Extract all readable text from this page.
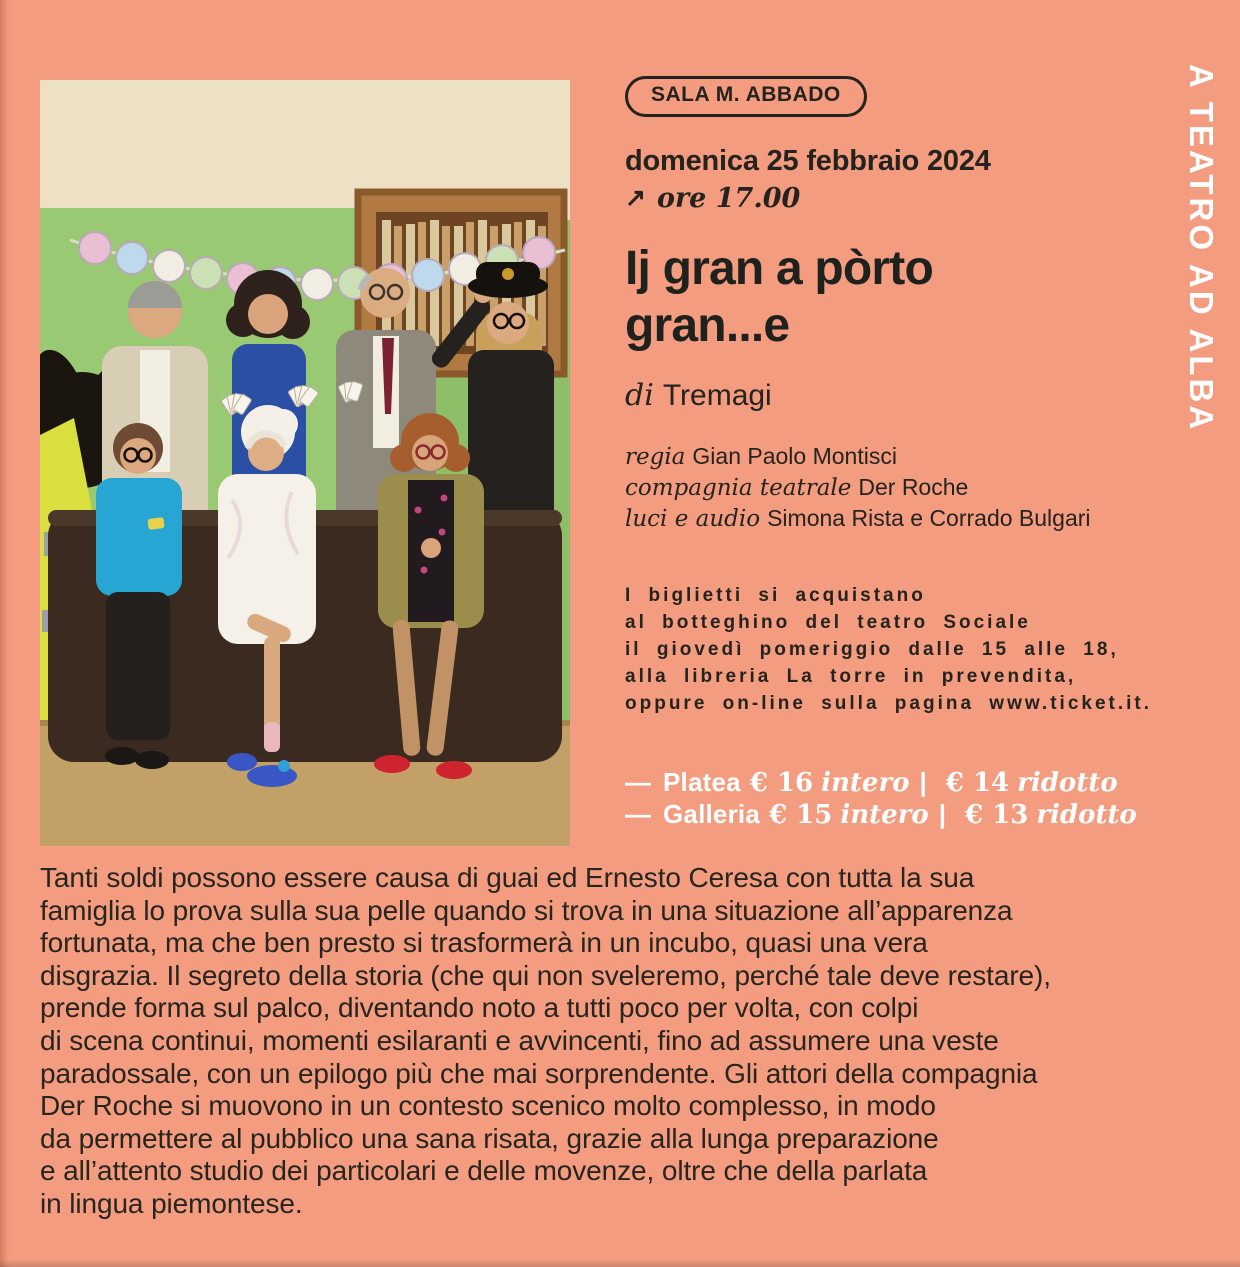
SALA M. ABBADO
domenica 25 febbraio 2024
↗ ore 17.00
Ij gran a pòrto
gran...e
di Tremagi
regia Gian Paolo Montisci
compagnia teatrale Der Roche
luci e audio Simona Rista e Corrado Bulgari
I biglietti si acquistano
al botteghino del teatro Sociale
il giovedì pomeriggio dalle 15 alle 18,
alla libreria La torre in prevendita,
oppure on-line sulla pagina www.ticket.it.
— Platea € 16 intero | € 14 ridotto
— Galleria € 15 intero | € 13 ridotto
A TEATRO AD ALBA
Tanti soldi possono essere causa di guai ed Ernesto Ceresa con tutta la sua
famiglia lo prova sulla sua pelle quando si trova in una situazione all’apparenza
fortunata, ma che ben presto si trasformerà in un incubo, quasi una vera
disgrazia. Il segreto della storia (che qui non sveleremo, perché tale deve restare),
prende forma sul palco, diventando noto a tutti poco per volta, con colpi
di scena continui, momenti esilaranti e avvincenti, fino ad assumere una veste
paradossale, con un epilogo più che mai sorprendente. Gli attori della compagnia
Der Roche si muovono in un contesto scenico molto complesso, in modo
da permettere al pubblico una sana risata, grazie alla lunga preparazione
e all’attento studio dei particolari e delle movenze, oltre che della parlata
in lingua piemontese.
